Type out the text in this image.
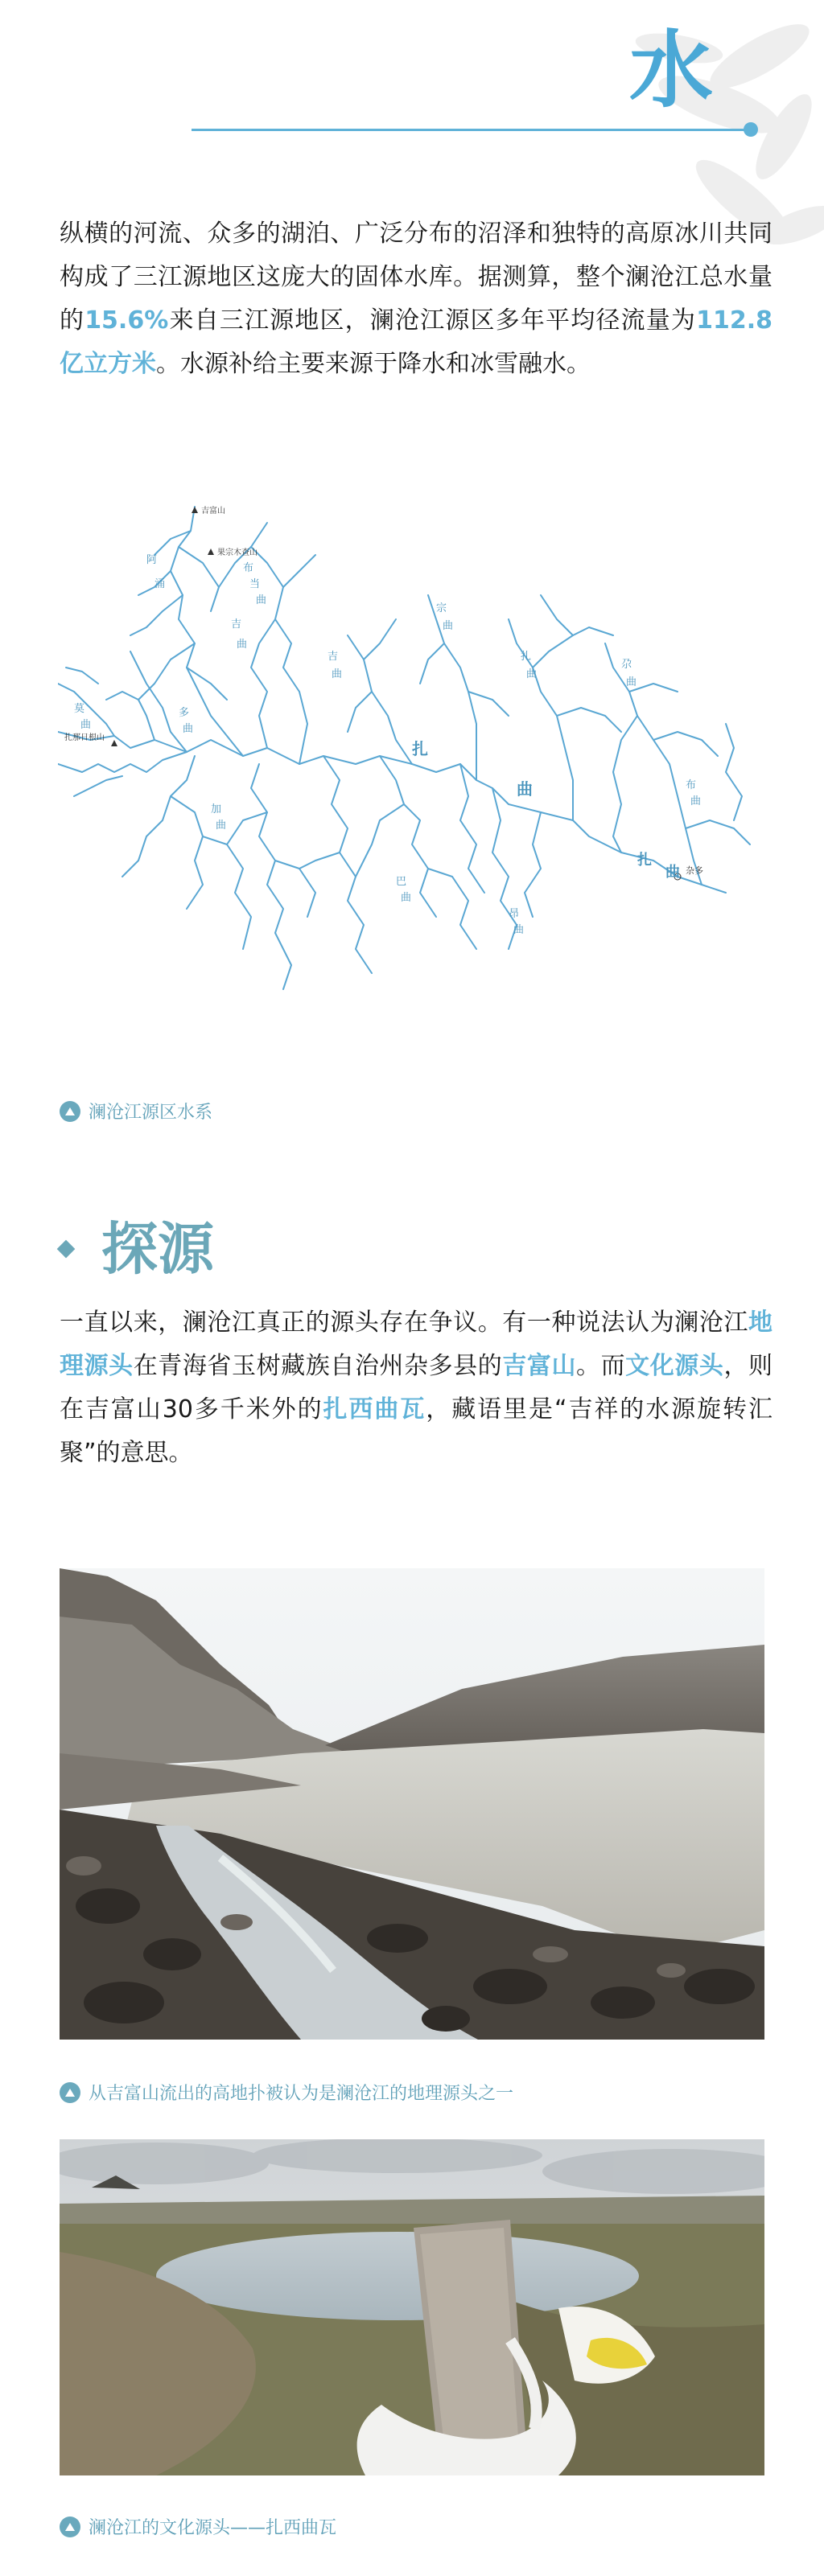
水
纵横的河流、众多的湖泊、广泛分布的沼泽和独特的高原冰川共同构成了三江源地区这庞大的固体水库。据测算，整个澜沧江总水量的15.6%来自三江源地区，澜沧江源区多年平均径流量为112.8亿立方米。水源补给主要来源于降水和冰雪融水。
吉富山
果宗木查山
扎那日根山
杂多
扎
曲
扎
曲
阿
涌
吉
曲
布
当
曲
多
曲
莫
曲
加
曲
吉
曲
宗
曲
扎
曲
尕
曲
巴
曲
昂
曲
布
曲
澜沧江源区水系
探源
一直以来，澜沧江真正的源头存在争议。有一种说法认为澜沧江地理源头在青海省玉树藏族自治州杂多县的吉富山。而文化源头，则在吉富山30多千米外的扎西曲瓦，藏语里是“吉祥的水源旋转汇聚”的意思。
从吉富山流出的高地扑被认为是澜沧江的地理源头之一
澜沧江的文化源头——扎西曲瓦
